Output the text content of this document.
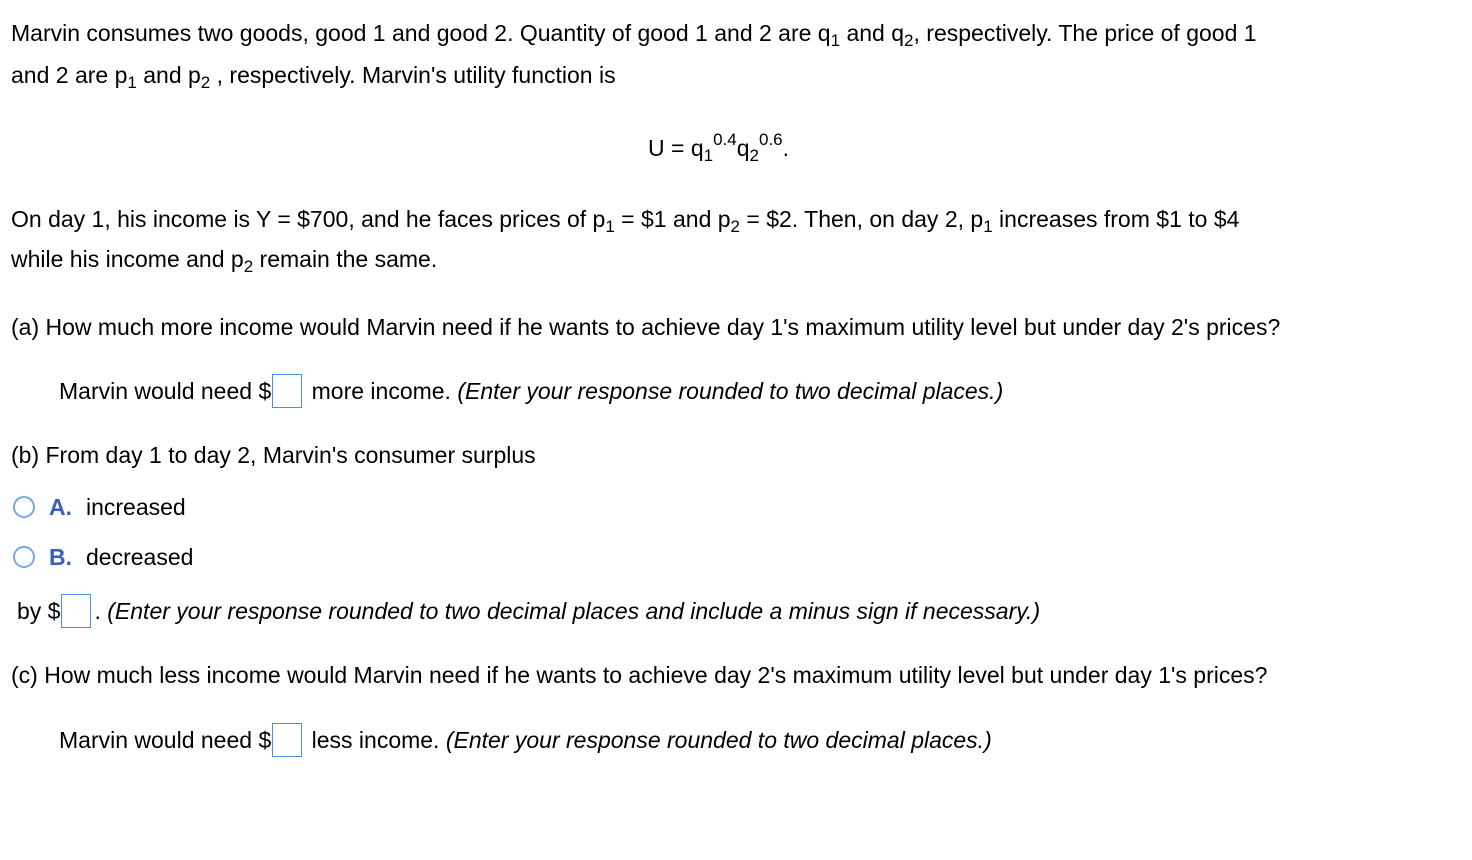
Marvin consumes two goods, good 1 and good 2. Quantity of good 1 and 2 are $q_1$ and $q_2$, respectively. The price of good 1
and 2 are $p_1$ and $p_2$ , respectively. Marvin's utility function is
$U = q_1^{0.4}q_2^{0.6}$.
On day 1, his income is Y = $700, and he faces prices of $p_1$ = $1 and $p_2$ = $2. Then, on day 2, $p_1$ increases from $1 to $4
while his income and $p_2$ remain the same.
(a) How much more income would Marvin need if he wants to achieve day 1's maximum utility level but under day 2's prices?
Marvin would need $ more income. (Enter your response rounded to two decimal places.)
(b) From day 1 to day 2, Marvin's consumer surplus
A. increased
B. decreased
by $ . (Enter your response rounded to two decimal places and include a minus sign if necessary.)
(c) How much less income would Marvin need if he wants to achieve day 2's maximum utility level but under day 1's prices?
Marvin would need $ less income. (Enter your response rounded to two decimal places.)
